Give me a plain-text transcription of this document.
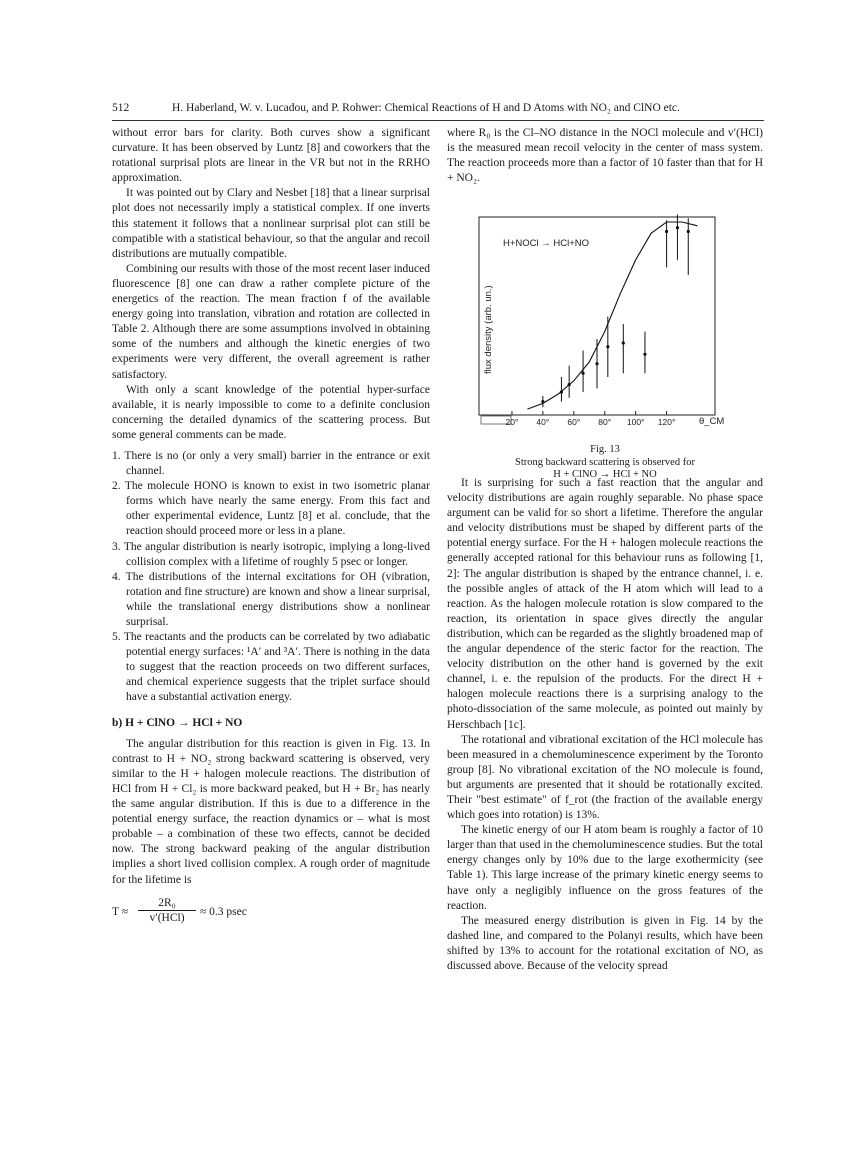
512	H. Haberland, W. v. Lucadou, and P. Rohwer: Chemical Reactions of H and D Atoms with NO₂ and ClNO etc.

without error bars for clarity. Both curves show a significant curvature. It has been observed by Luntz [8] and coworkers that the rotational surprisal plots are linear in the VR but not in the RRHO approximation.

It was pointed out by Clary and Nesbet [18] that a linear surprisal plot does not necessarily imply a statistical complex. If one inverts this statement it follows that a nonlinear surprisal plot can still be compatible with a statistical behaviour, so that the angular and recoil distributions are mutually compatible.

Combining our results with those of the most recent laser induced fluorescence [8] one can draw a rather complete picture of the energetics of the reaction. The mean fraction f of the available energy going into translation, vibration and rotation are collected in Table 2. Although there are some assumptions involved in obtaining some of the numbers and although the kinetic energies of two experiments were very different, the overall agreement is rather satisfactory.

With only a scant knowledge of the potential hyper-surface available, it is nearly impossible to come to a definite conclusion concerning the detailed dynamics of the scattering process. But some general comments can be made.

1. There is no (or only a very small) barrier in the entrance or exit channel.
2. The molecule HONO is known to exist in two isometric planar forms which have nearly the same energy. From this fact and other experimental evidence, Luntz [8] et al. conclude, that the reaction should proceed more or less in a plane.
3. The angular distribution is nearly isotropic, implying a long-lived collision complex with a lifetime of roughly 5 psec or longer.
4. The distributions of the internal excitations for OH (vibration, rotation and fine structure) are known and show a linear surprisal, while the translational energy distributions show a nonlinear surprisal.
5. The reactants and the products can be correlated by two adiabatic potential energy surfaces: ¹A′ and ³A′. There is nothing in the data to suggest that the reaction proceeds on two different surfaces, and chemical experience suggests that the triplet surface should have a substantial activation energy.
b) H + ClNO → HCl + NO

The angular distribution for this reaction is given in Fig. 13. In contrast to H + NO₂ strong backward scattering is observed, very similar to the H + halogen molecule reactions. The distribution of HCl from H + Cl₂ is more backward peaked, but H + Br₂ has nearly the same angular distribution. If this is due to a difference in the potential energy surface, the reaction dynamics or – what is most probable – a combination of these two effects, cannot be decided now. The strong backward peaking of the angular distribution implies a short lived collision complex. A rough order of magnitude for the lifetime is

T ≈
2R₀
v′(HCl)	≈ 0.3 psec

where R₀ is the Cl–NO distance in the NOCl molecule and v′(HCl) is the measured mean recoil velocity in the center of mass system. The reaction proceeds more than a factor of 10 faster than that for H + NO₂.

H+NOCl → HCl+NO
flux density (arb. un.)
20° 40° 60° 80° 100° 120° θ_CM
Fig. 13
Strong backward scattering is observed for
H + ClNO → HCl + NO

It is surprising for such a fast reaction that the angular and velocity distributions are again roughly separable. No phase space argument can be valid for so short a lifetime. Therefore the angular and velocity distributions must be shaped by different parts of the potential energy surface. For the H + halogen molecule reactions the generally accepted rational for this behaviour runs as following [1, 2]: The angular distribution is shaped by the entrance channel, i. e. the possible angles of attack of the H atom which will lead to a reaction. As the halogen molecule rotation is slow compared to the reaction, its orientation in space gives directly the angular distribution, which can be regarded as the slightly broadened map of the angular dependence of the steric factor for the reaction. The velocity distribution on the other hand is governed by the exit channel, i. e. the repulsion of the products. For the direct H + halogen molecule reactions there is a surprising analogy to the photo-dissociation of the same molecule, as pointed out mainly by Herschbach [1c].

The rotational and vibrational excitation of the HCl molecule has been measured in a chemoluminescence experiment by the Toronto group [8]. No vibrational excitation of the NO molecule is found, but arguments are presented that it should be rotationally excited. Their "best estimate" of f_rot (the fraction of the available energy which goes into rotation) is 13%.

The kinetic energy of our H atom beam is roughly a factor of 10 larger than that used in the chemoluminescence studies. But the total energy changes only by 10% due to the large exothermicity (see Table 1). This large increase of the primary kinetic energy seems to have only a negligibly influence on the gross features of the reaction.

The measured energy distribution is given in Fig. 14 by the dashed line, and compared to the Polanyi results, which have been shifted by 13% to account for the rotational excitation of NO, as discussed above. Because of the velocity spread
